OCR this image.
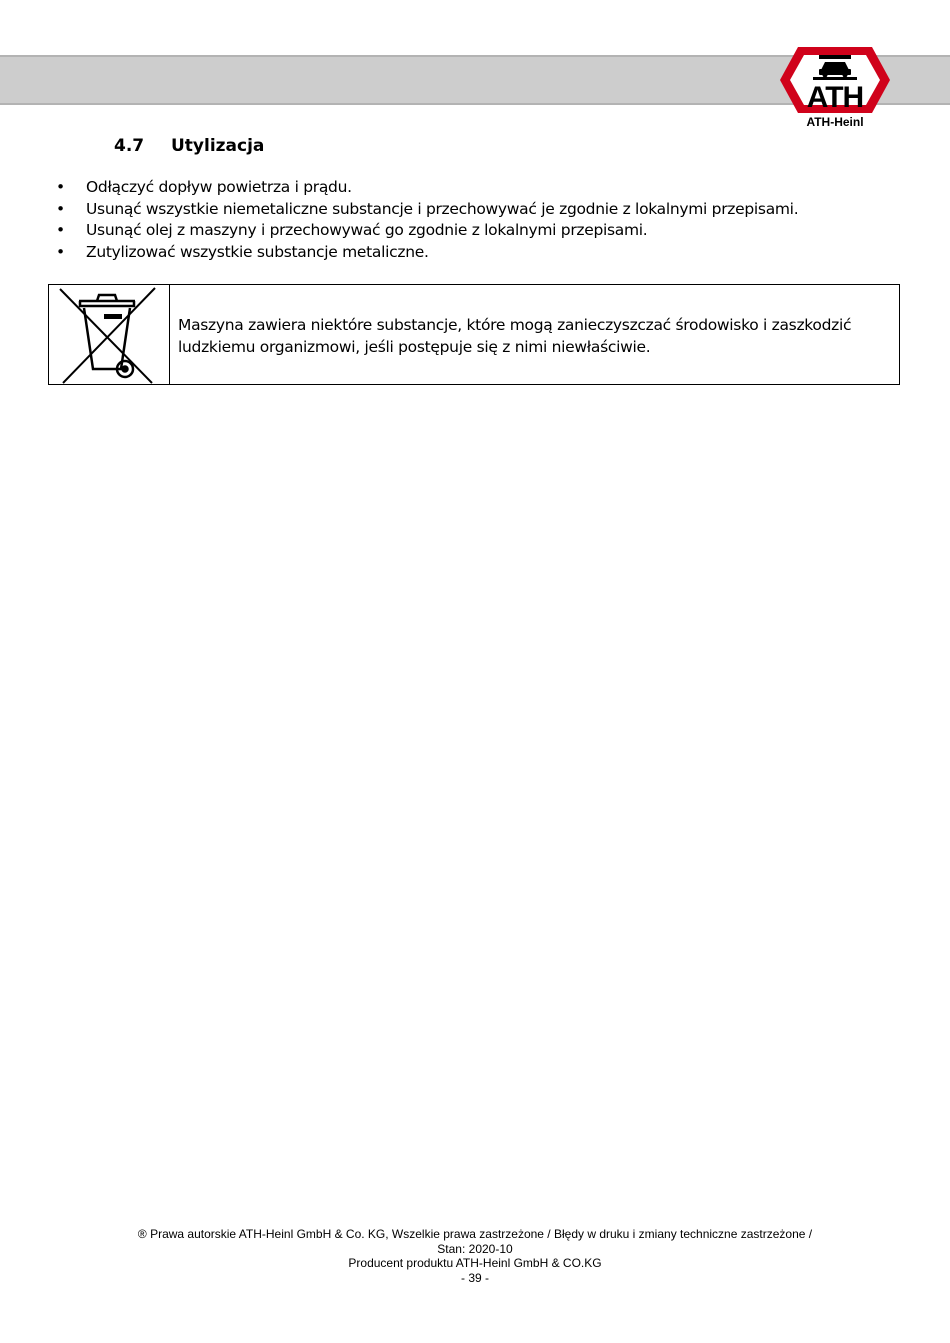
ATH
ATH-Heinl
4.7 Utylizacja
• Odłączyć dopływ powietrza i prądu.
• Usunąć wszystkie niemetaliczne substancje i przechowywać je zgodnie z lokalnymi przepisami.
• Usunąć olej z maszyny i przechowywać go zgodnie z lokalnymi przepisami.
• Zutylizować wszystkie substancje metaliczne.
Maszyna zawiera niektóre substancje, które mogą zanieczyszczać środowisko i zaszkodzić ludzkiemu organizmowi, jeśli postępuje się z nimi niewłaściwie.
® Prawa autorskie ATH-Heinl GmbH & Co. KG, Wszelkie prawa zastrzeżone / Błędy w druku i zmiany techniczne zastrzeżone /
Stan: 2020-10
Producent produktu ATH-Heinl GmbH & CO.KG
- 39 -
